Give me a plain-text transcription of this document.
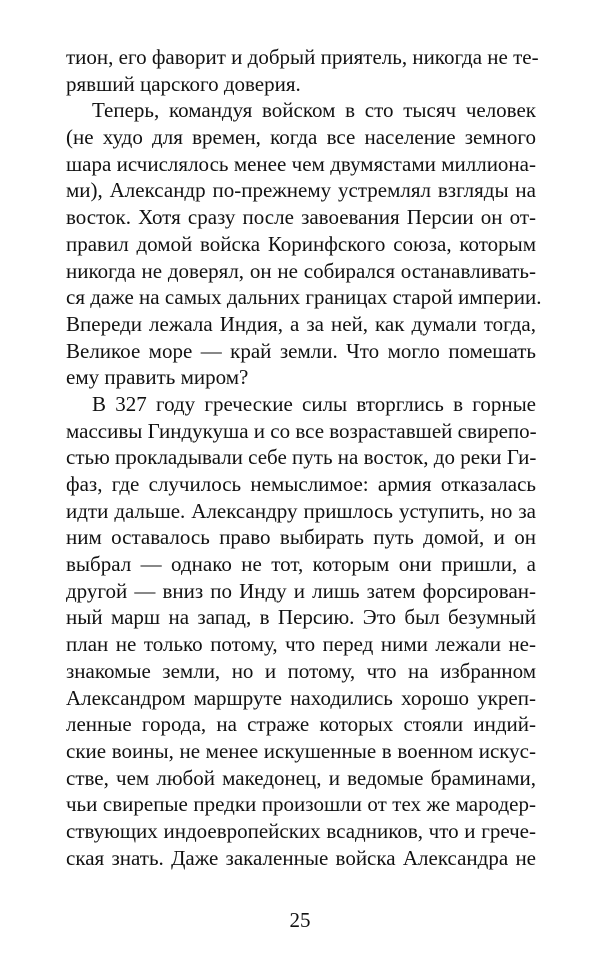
тион, его фаворит и добрый приятель, никогда не те-
рявший царского доверия.
Теперь, командуя войском в сто тысяч человек
(не худо для времен, когда все население земного
шара исчислялось менее чем двумястами миллиона-
ми), Александр по-прежнему устремлял взгляды на
восток. Хотя сразу после завоевания Персии он от-
правил домой войска Коринфского союза, которым
никогда не доверял, он не собирался останавливать-
ся даже на самых дальних границах старой империи.
Впереди лежала Индия, а за ней, как думали тогда,
Великое море — край земли. Что могло помешать
ему править миром?
В 327 году греческие силы вторглись в горные
массивы Гиндукуша и со все возраставшей свирепо-
стью прокладывали себе путь на восток, до реки Ги-
фаз, где случилось немыслимое: армия отказалась
идти дальше. Александру пришлось уступить, но за
ним оставалось право выбирать путь домой, и он
выбрал — однако не тот, которым они пришли, а
другой — вниз по Инду и лишь затем форсирован-
ный марш на запад, в Персию. Это был безумный
план не только потому, что перед ними лежали не-
знакомые земли, но и потому, что на избранном
Александром маршруте находились хорошо укреп-
ленные города, на страже которых стояли индий-
ские воины, не менее искушенные в военном искус-
стве, чем любой македонец, и ведомые браминами,
чьи свирепые предки произошли от тех же мародер-
ствующих индоевропейских всадников, что и грече-
ская знать. Даже закаленные войска Александра не
25
